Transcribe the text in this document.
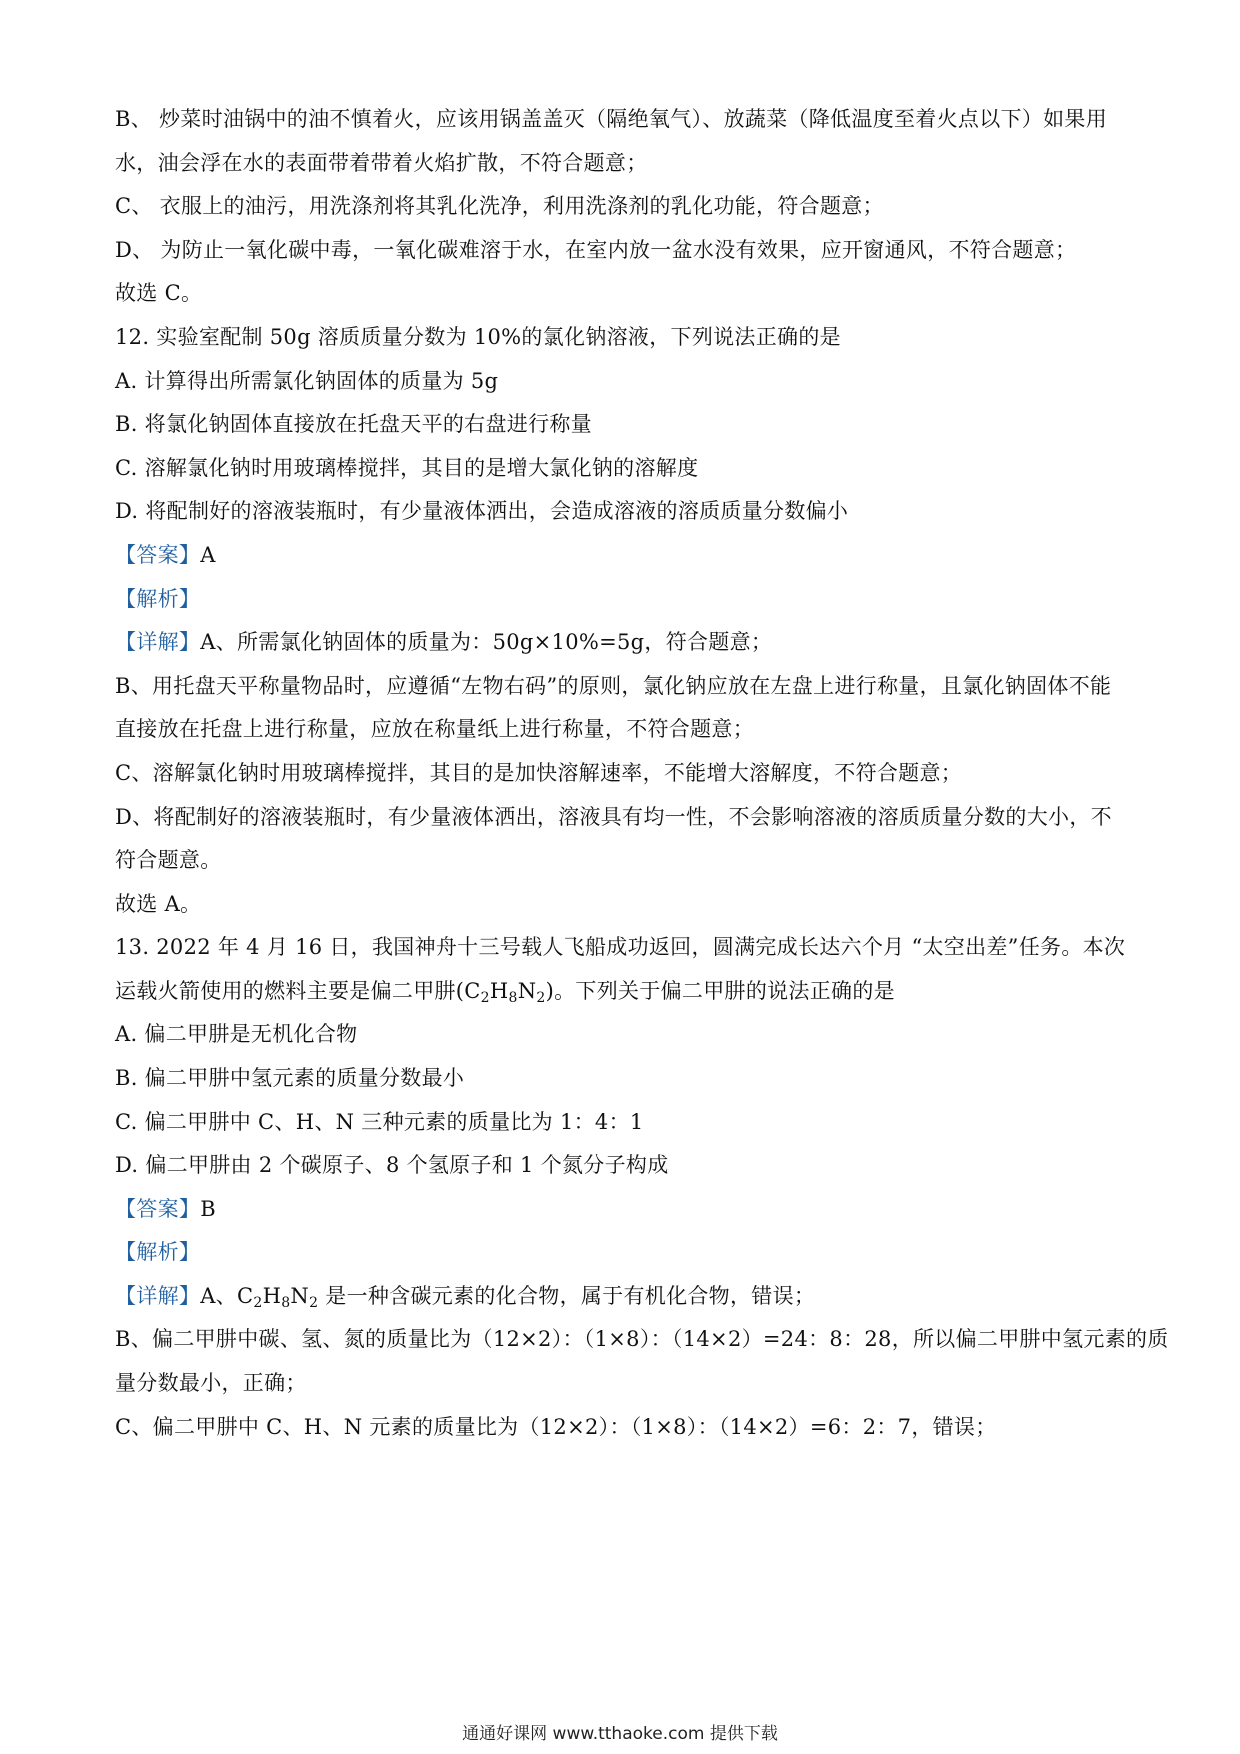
B、 炒菜时油锅中的油不慎着火，应该用锅盖盖灭（隔绝氧气）、放蔬菜（降低温度至着火点以下）如果用
水，油会浮在水的表面带着带着火焰扩散，不符合题意；
C、 衣服上的油污，用洗涤剂将其乳化洗净，利用洗涤剂的乳化功能，符合题意；
D、 为防止一氧化碳中毒，一氧化碳难溶于水，在室内放一盆水没有效果，应开窗通风，不符合题意；
故选 C。
12. 实验室配制 50g 溶质质量分数为 10%的氯化钠溶液，下列说法正确的是
A. 计算得出所需氯化钠固体的质量为 5g
B. 将氯化钠固体直接放在托盘天平的右盘进行称量
C. 溶解氯化钠时用玻璃棒搅拌，其目的是增大氯化钠的溶解度
D. 将配制好的溶液装瓶时，有少量液体洒出，会造成溶液的溶质质量分数偏小
【答案】A
【解析】
【详解】A、所需氯化钠固体的质量为：50g×10%=5g，符合题意；
B、用托盘天平称量物品时，应遵循“左物右码”的原则，氯化钠应放在左盘上进行称量，且氯化钠固体不能
直接放在托盘上进行称量，应放在称量纸上进行称量，不符合题意；
C、溶解氯化钠时用玻璃棒搅拌，其目的是加快溶解速率，不能增大溶解度，不符合题意；
D、将配制好的溶液装瓶时，有少量液体洒出，溶液具有均一性，不会影响溶液的溶质质量分数的大小，不
符合题意。
故选 A。
13. 2022 年 4 月 16 日，我国神舟十三号载人飞船成功返回，圆满完成长达六个月 “太空出差”任务。本次
运载火箭使用的燃料主要是偏二甲肼$(C_2H_8N_2)$。下列关于偏二甲肼的说法正确的是
A. 偏二甲肼是无机化合物
B. 偏二甲肼中氢元素的质量分数最小
C. 偏二甲肼中 C、H、N 三种元素的质量比为 1：4：1
D. 偏二甲肼由 2 个碳原子、8 个氢原子和 1 个氮分子构成
【答案】B
【解析】
【详解】A、$C_2H_8N_2$ 是一种含碳元素的化合物，属于有机化合物，错误；
B、偏二甲肼中碳、氢、氮的质量比为（12×2）：（1×8）：（14×2）=24：8：28，所以偏二甲肼中氢元素的质
量分数最小，正确；
C、偏二甲肼中 C、H、N 元素的质量比为（12×2）：（1×8）：（14×2）=6：2：7，错误；
通通好课网 www.tthaoke.com 提供下载
